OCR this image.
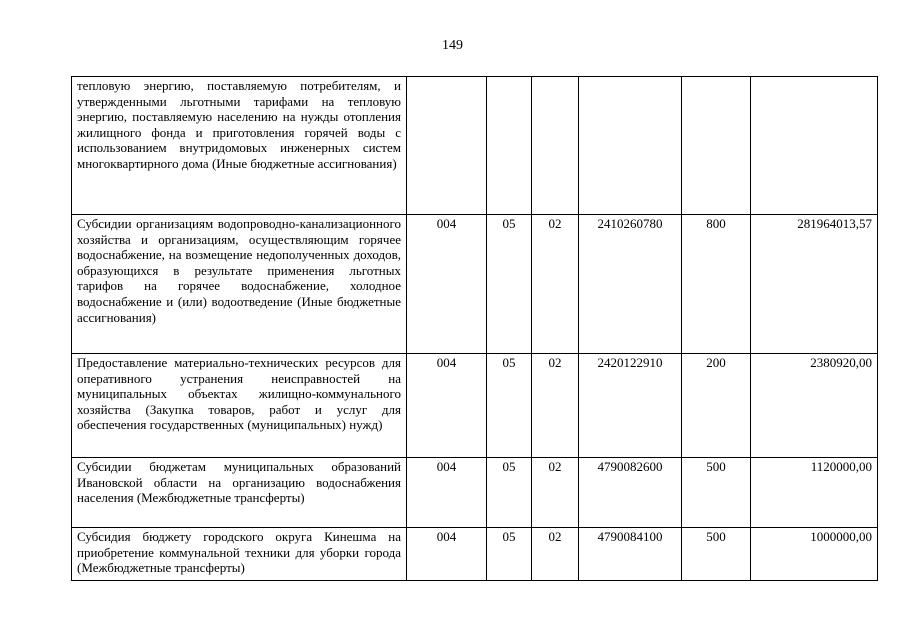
149
тепловую энергию, поставляемую потребителям, и утвержденными льготными тарифами на тепловую энергию, поставляемую населению на нужды отопления жилищного фонда и приготовления горячей воды с использованием внутридомовых инженерных систем многоквартирного дома (Иные бюджетные ассигнования)						
Субсидии организациям водопроводно-канализационного хозяйства и организациям, осуществляющим горячее водоснабжение, на возмещение недополученных доходов, образующихся в результате применения льготных тарифов на горячее водоснабжение, холодное водоснабжение и (или) водоотведение (Иные бюджетные ассигнования)	004	05	02	2410260780	800	281964013,57
Предоставление материально-технических ресурсов для оперативного устранения неисправностей на муниципальных объектах жилищно-коммунального хозяйства (Закупка товаров, работ и услуг для обеспечения государственных (муниципальных) нужд)	004	05	02	2420122910	200	2380920,00
Субсидии бюджетам муниципальных образований Ивановской области на организацию водоснабжения населения (Межбюджетные трансферты)	004	05	02	4790082600	500	1120000,00
Субсидия бюджету городского округа Кинешма на приобретение коммунальной техники для уборки города (Межбюджетные трансферты)	004	05	02	4790084100	500	1000000,00
